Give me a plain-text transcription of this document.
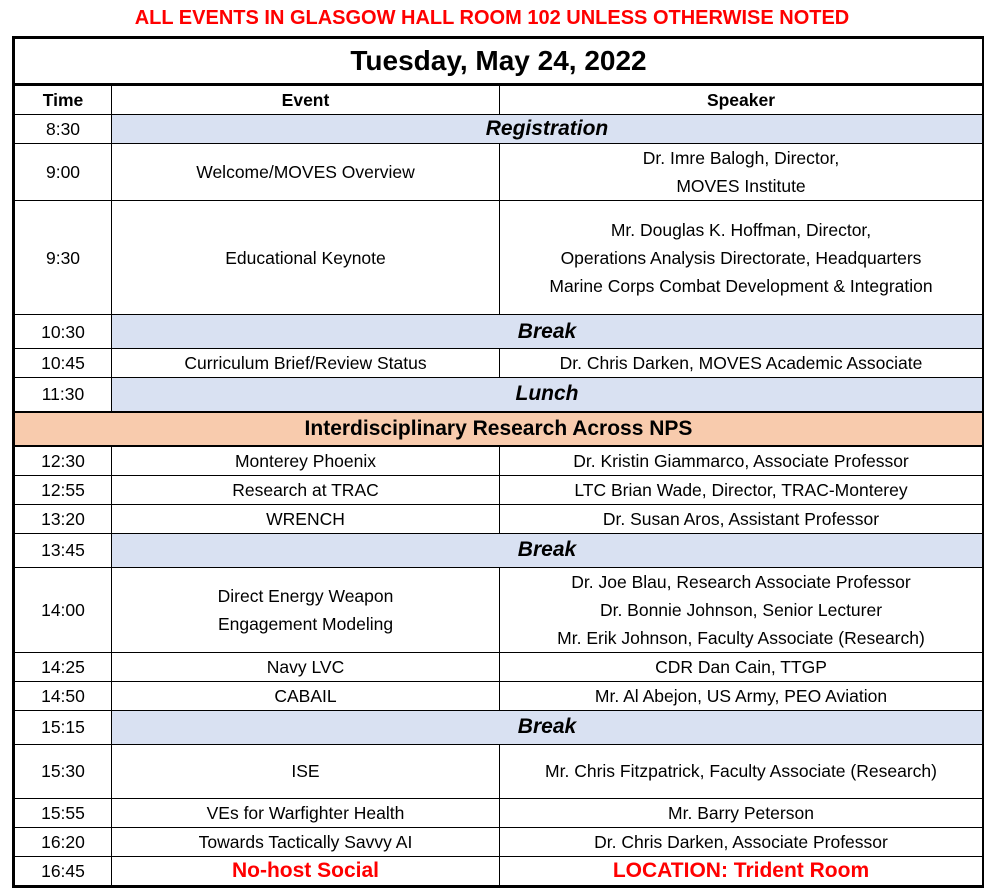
ALL EVENTS IN GLASGOW HALL ROOM 102 UNLESS OTHERWISE NOTED
Tuesday, May 24, 2022		
Time	Event	Speaker
8:30	Registration	
9:00	Welcome/MOVES Overview	Dr. Imre Balogh, Director,
MOVES Institute

9:30	Educational Keynote	Mr. Douglas K. Hoffman, Director,
Operations Analysis Directorate, Headquarters
Marine Corps Combat Development & Integration

10:30	Break	
10:45	Curriculum Brief/Review Status	Dr. Chris Darken, MOVES Academic Associate

11:30	Lunch	
Interdisciplinary Research Across NPS		
12:30	Monterey Phoenix	Dr. Kristin Giammarco, Associate Professor

12:55	Research at TRAC	LTC Brian Wade, Director, TRAC-Monterey

13:20	WRENCH	Dr. Susan Aros, Assistant Professor

13:45	Break	
14:00	Direct Energy Weapon
Engagement Modeling	Dr. Joe Blau, Research Associate Professor
Dr. Bonnie Johnson, Senior Lecturer
Mr. Erik Johnson, Faculty Associate (Research)

14:25	Navy LVC	CDR Dan Cain, TTGP

14:50	CABAIL	Mr. Al Abejon, US Army, PEO Aviation

15:15	Break	
15:30	ISE	Mr. Chris Fitzpatrick, Faculty Associate (Research)

15:55	VEs for Warfighter Health	Mr. Barry Peterson

16:20	Towards Tactically Savvy AI	Dr. Chris Darken, Associate Professor

16:45	No-host Social	LOCATION: Trident Room
